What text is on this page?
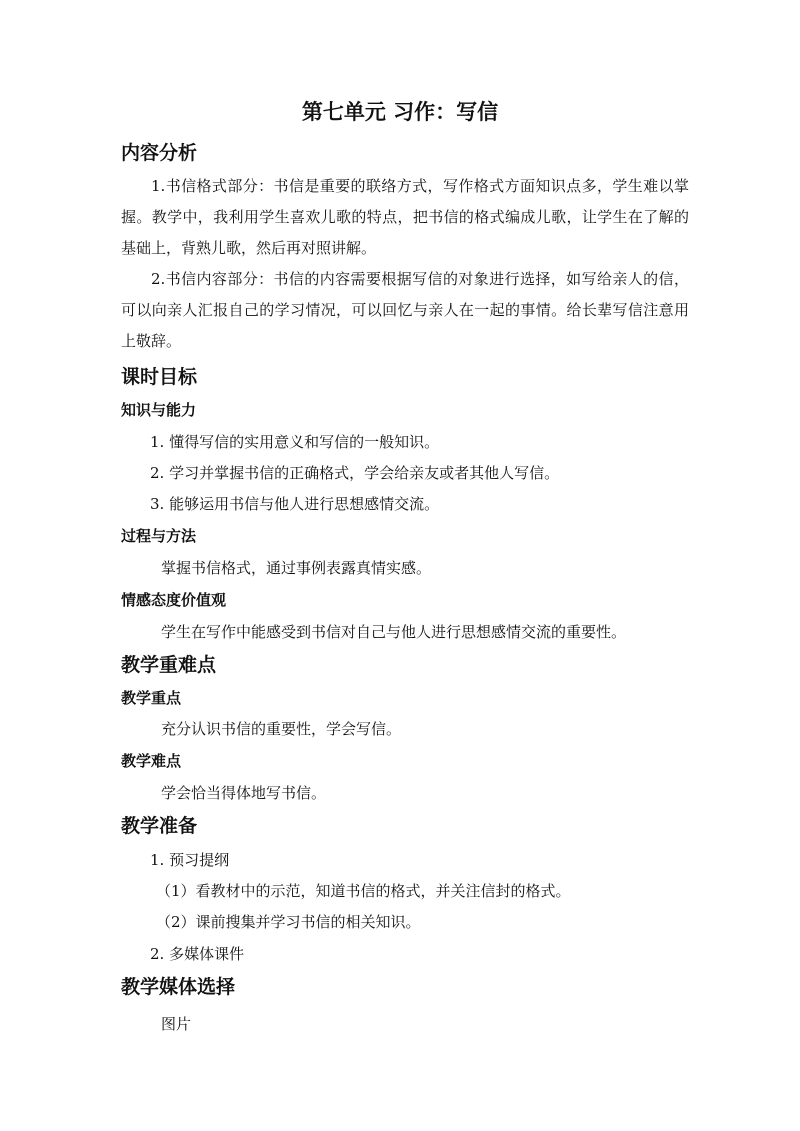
第七单元 习作：写信
内容分析
1.书信格式部分：书信是重要的联络方式，写作格式方面知识点多，学生难以掌握。教学中，我利用学生喜欢儿歌的特点，把书信的格式编成儿歌，让学生在了解的基础上，背熟儿歌，然后再对照讲解。
2.书信内容部分：书信的内容需要根据写信的对象进行选择，如写给亲人的信，可以向亲人汇报自己的学习情况，可以回忆与亲人在一起的事情。给长辈写信注意用上敬辞。
课时目标
知识与能力
1. 懂得写信的实用意义和写信的一般知识。
2. 学习并掌握书信的正确格式，学会给亲友或者其他人写信。
3. 能够运用书信与他人进行思想感情交流。
过程与方法
掌握书信格式，通过事例表露真情实感。
情感态度价值观
学生在写作中能感受到书信对自己与他人进行思想感情交流的重要性。
教学重难点
教学重点
充分认识书信的重要性，学会写信。
教学难点
学会恰当得体地写书信。
教学准备
1. 预习提纲
（1）看教材中的示范，知道书信的格式，并关注信封的格式。
（2）课前搜集并学习书信的相关知识。
2. 多媒体课件
教学媒体选择
图片
